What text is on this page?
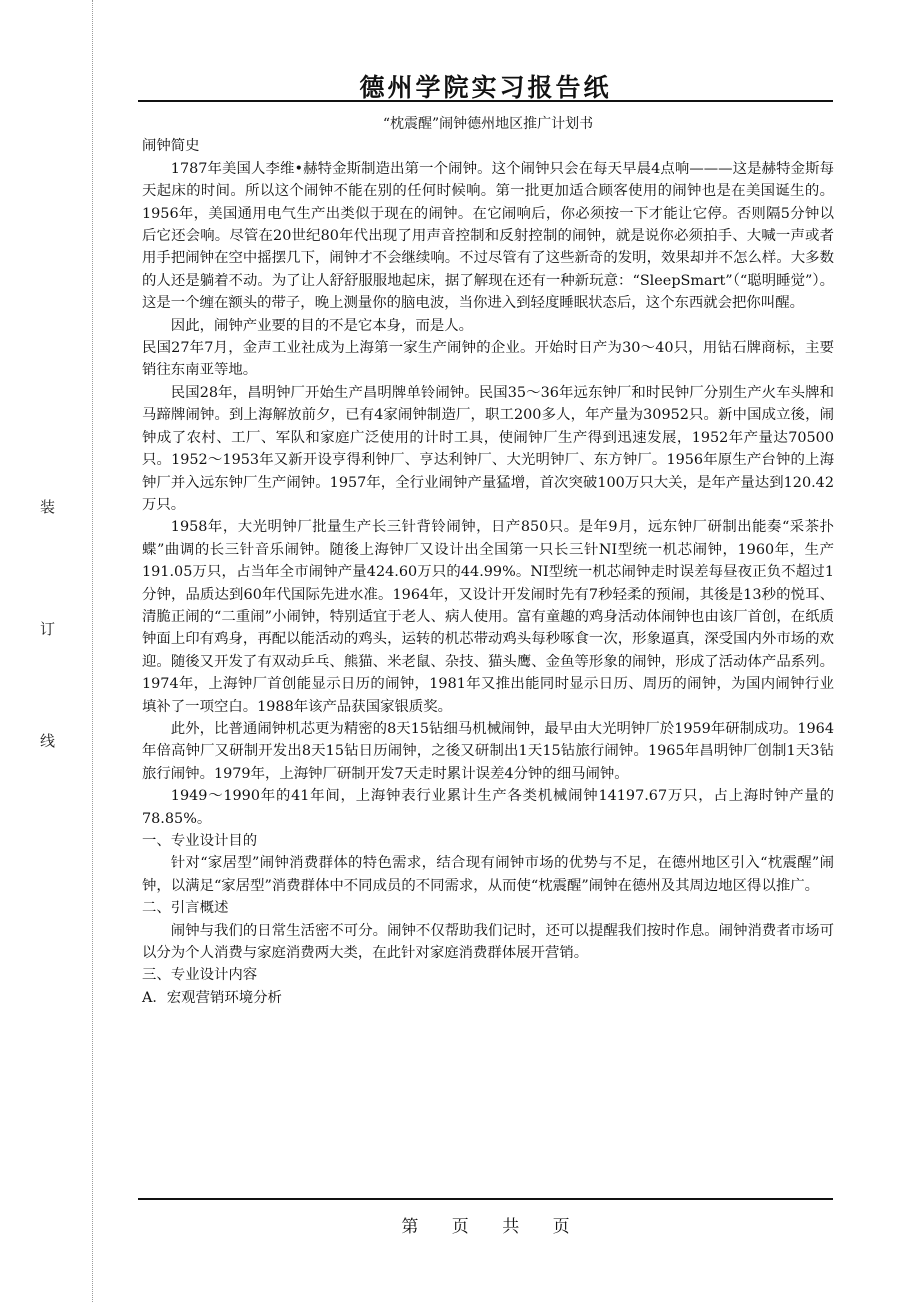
装
订
线
德州学院实习报告纸
“枕震醒”闹钟德州地区推广计划书

闹钟简史

1787年美国人李维•赫特金斯制造出第一个闹钟。这个闹钟只会在每天早晨4点响———这是赫特金斯每天起床的时间。所以这个闹钟不能在别的任何时候响。第一批更加适合顾客使用的闹钟也是在美国诞生的。1956年，美国通用电气生产出类似于现在的闹钟。在它闹响后，你必须按一下才能让它停。否则隔5分钟以后它还会响。尽管在20世纪80年代出现了用声音控制和反射控制的闹钟，就是说你必须拍手、大喊一声或者用手把闹钟在空中摇摆几下，闹钟才不会继续响。不过尽管有了这些新奇的发明，效果却并不怎么样。大多数的人还是躺着不动。为了让人舒舒服服地起床，据了解现在还有一种新玩意：“SleepSmart”（“聪明睡觉”）。这是一个缠在额头的带子，晚上测量你的脑电波，当你进入到轻度睡眠状态后，这个东西就会把你叫醒。

因此，闹钟产业要的目的不是它本身，而是人。

民国27年7月，金声工业社成为上海第一家生产闹钟的企业。开始时日产为30～40只，用钻石牌商标，主要销往东南亚等地。

民国28年，昌明钟厂开始生产昌明牌单铃闹钟。民国35～36年远东钟厂和时民钟厂分别生产火车头牌和马蹄牌闹钟。到上海解放前夕，已有4家闹钟制造厂，职工200多人，年产量为30952只。新中国成立後，闹钟成了农村、工厂、军队和家庭广泛使用的计时工具，使闹钟厂生产得到迅速发展，1952年产量达70500只。1952～1953年又新开设亨得利钟厂、亨达利钟厂、大光明钟厂、东方钟厂。1956年原生产台钟的上海钟厂并入远东钟厂生产闹钟。1957年，全行业闹钟产量猛增，首次突破100万只大关，是年产量达到120.42万只。

1958年，大光明钟厂批量生产长三针背铃闹钟，日产850只。是年9月，远东钟厂研制出能奏“采茶扑蝶”曲调的长三针音乐闹钟。随後上海钟厂又设计出全国第一只长三针NI型统一机芯闹钟，1960年，生产191.05万只，占当年全市闹钟产量424.60万只的44.99%。NI型统一机芯闹钟走时误差每昼夜正负不超过1分钟，品质达到60年代国际先进水准。1964年，又设计开发闹时先有7秒轻柔的预闹，其後是13秒的悦耳、清脆正闹的“二重闹”小闹钟，特别适宜于老人、病人使用。富有童趣的鸡身活动体闹钟也由该厂首创，在纸质钟面上印有鸡身，再配以能活动的鸡头，运转的机芯带动鸡头每秒啄食一次，形象逼真，深受国内外市场的欢迎。随後又开发了有双动乒乓、熊猫、米老鼠、杂技、猫头鹰、金鱼等形象的闹钟，形成了活动体产品系列。1974年，上海钟厂首创能显示日历的闹钟，1981年又推出能同时显示日历、周历的闹钟，为国内闹钟行业填补了一项空白。1988年该产品获国家银质奖。

此外，比普通闹钟机芯更为精密的8天15钻细马机械闹钟，最早由大光明钟厂於1959年研制成功。1964年倍高钟厂又研制开发出8天15钻日历闹钟，之後又研制出1天15钻旅行闹钟。1965年昌明钟厂创制1天3钻旅行闹钟。1979年，上海钟厂研制开发7天走时累计误差4分钟的细马闹钟。

1949～1990年的41年间，上海钟表行业累计生产各类机械闹钟14197.67万只，占上海时钟产量的78.85%。

一、专业设计目的

针对“家居型”闹钟消费群体的特色需求，结合现有闹钟市场的优势与不足，在德州地区引入“枕震醒”闹钟，以满足“家居型”消费群体中不同成员的不同需求，从而使“枕震醒”闹钟在德州及其周边地区得以推广。

二、引言概述

闹钟与我们的日常生活密不可分。闹钟不仅帮助我们记时，还可以提醒我们按时作息。闹钟消费者市场可以分为个人消费与家庭消费两大类，在此针对家庭消费群体展开营销。

三、专业设计内容

A．宏观营销环境分析

第 页 共 页
